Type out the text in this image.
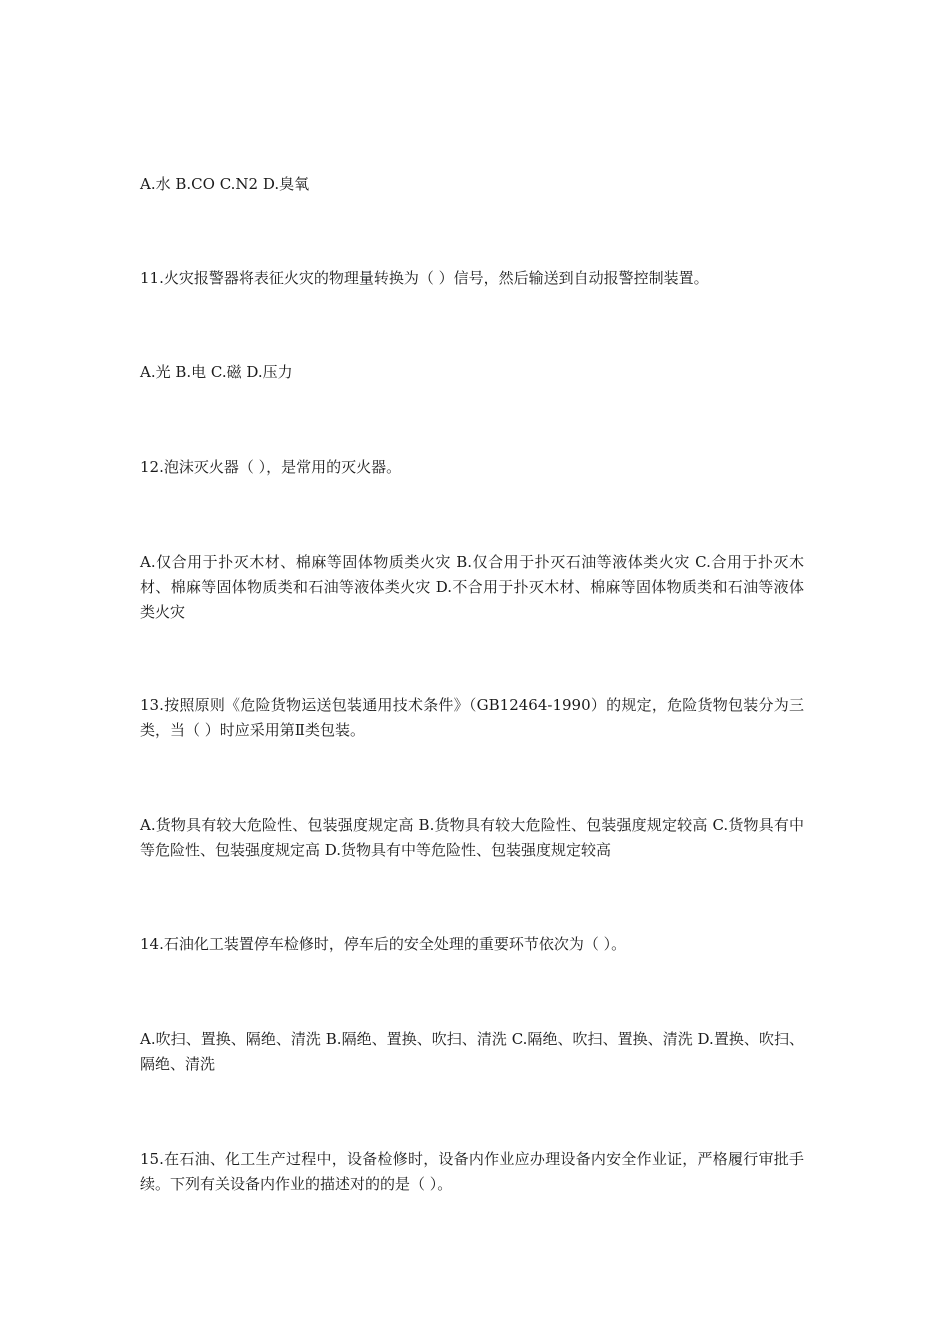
A.水 B.CO C.N2 D.臭氧

11.火灾报警器将表征火灾的物理量转换为（ ）信号，然后输送到自动报警控制装置。

A.光 B.电 C.磁 D.压力

12.泡沫灭火器（ ），是常用的灭火器。

A.仅合用于扑灭木材、棉麻等固体物质类火灾 B.仅合用于扑灭石油等液体类火灾 C.合用于扑灭木材、棉麻等固体物质类和石油等液体类火灾 D.不合用于扑灭木材、棉麻等固体物质类和石油等液体类火灾

13.按照原则《危险货物运送包装通用技术条件》（GB12464-1990）的规定，危险货物包装分为三类，当（ ）时应采用第Ⅱ类包装。

A.货物具有较大危险性、包装强度规定高 B.货物具有较大危险性、包装强度规定较高 C.货物具有中等危险性、包装强度规定高 D.货物具有中等危险性、包装强度规定较高

14.石油化工装置停车检修时，停车后的安全处理的重要环节依次为（ ）。

A.吹扫、置换、隔绝、清洗 B.隔绝、置换、吹扫、清洗 C.隔绝、吹扫、置换、清洗 D.置换、吹扫、隔绝、清洗

15.在石油、化工生产过程中，设备检修时，设备内作业应办理设备内安全作业证，严格履行审批手续。下列有关设备内作业的描述对的的是（ ）。
